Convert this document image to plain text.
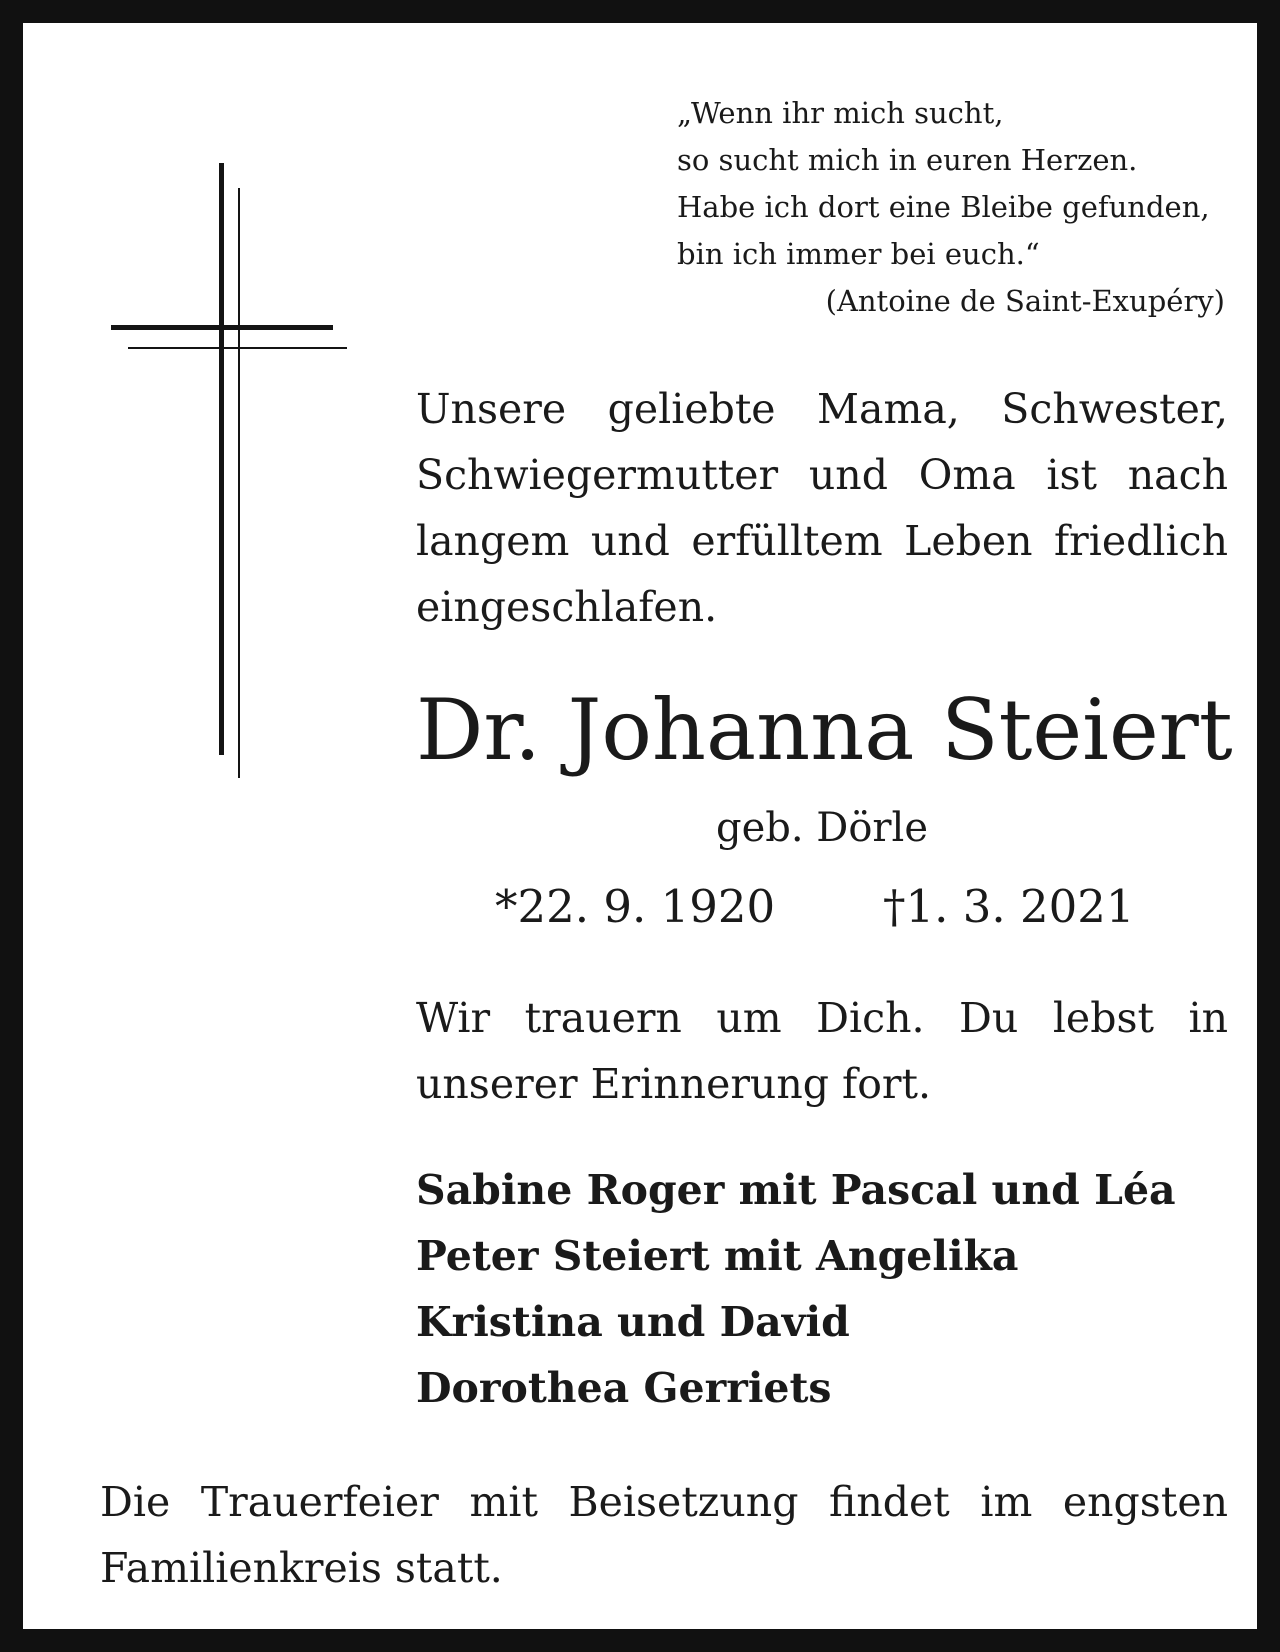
„Wenn ihr mich sucht,
so sucht mich in euren Herzen.
Habe ich dort eine Bleibe gefunden,
bin ich immer bei euch.“
(Antoine de Saint-Exupéry)
Unsere geliebte Mama, Schwester, Schwiegermutter und Oma ist nach langem und erfülltem Leben friedlich eingeschlafen.
Dr. Johanna Steiert
geb. Dörle
*22. 9. 1920 †1. 3. 2021
Wir trauern um Dich. Du lebst in unserer Erinnerung fort.
Sabine Roger mit Pascal und Léa
Peter Steiert mit Angelika
Kristina und David
Dorothea Gerriets
Die Trauerfeier mit Beisetzung findet im engsten Familienkreis statt.
